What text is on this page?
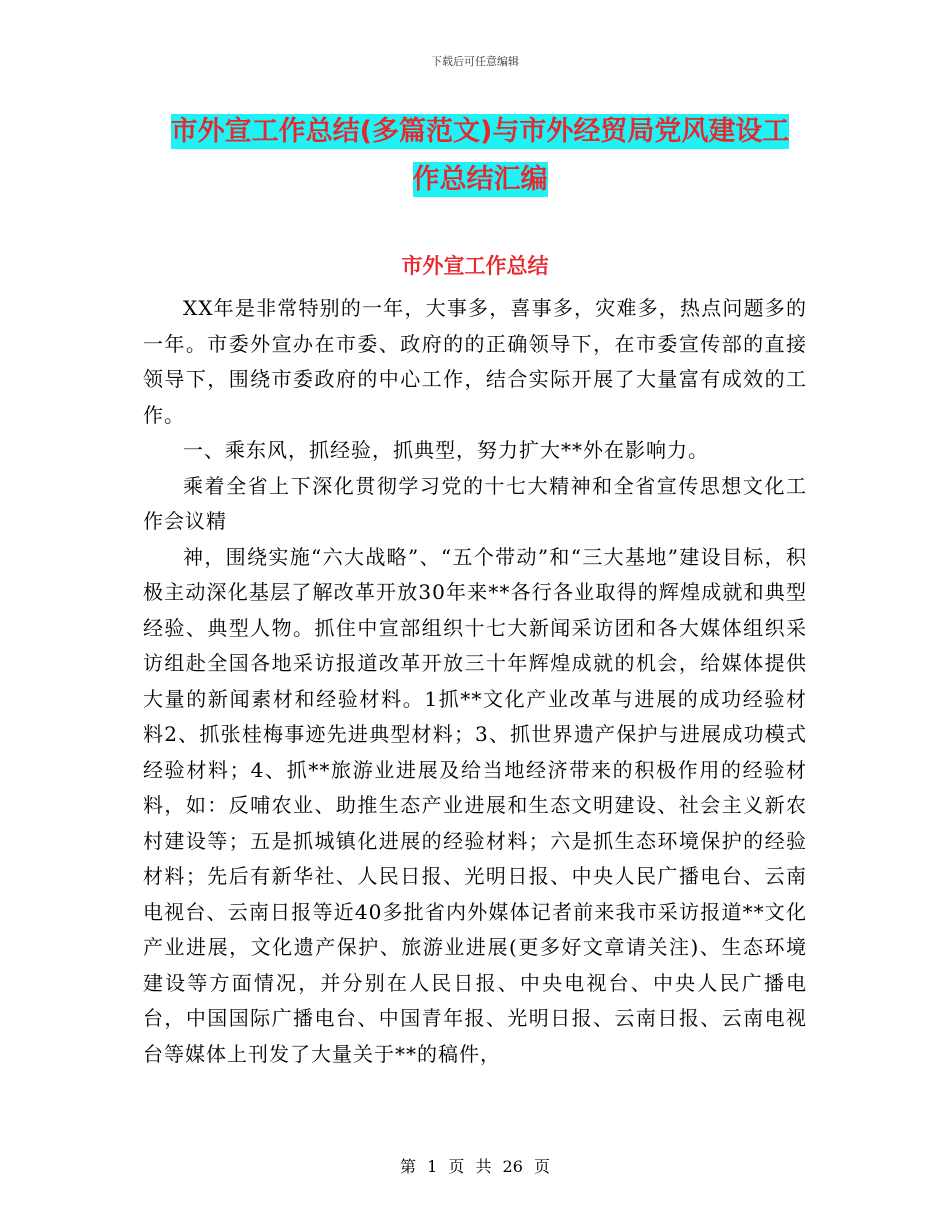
下载后可任意编辑
市外宣工作总结(多篇范文)与市外经贸局党风建设工
作总结汇编
市外宣工作总结

XX年是非常特别的一年，大事多，喜事多，灾难多，热点问题多的一年。市委外宣办在市委、政府的的正确领导下，在市委宣传部的直接领导下，围绕市委政府的中心工作，结合实际开展了大量富有成效的工作。

一、乘东风，抓经验，抓典型，努力扩大**外在影响力。

乘着全省上下深化贯彻学习党的十七大精神和全省宣传思想文化工作会议精

神，围绕实施“六大战略”、“五个带动”和“三大基地”建设目标，积极主动深化基层了解改革开放30年来**各行各业取得的辉煌成就和典型经验、典型人物。抓住中宣部组织十七大新闻采访团和各大媒体组织采访组赴全国各地采访报道改革开放三十年辉煌成就的机会，给媒体提供大量的新闻素材和经验材料。1抓**文化产业改革与进展的成功经验材料2、抓张桂梅事迹先进典型材料；3、抓世界遗产保护与进展成功模式经验材料；4、抓**旅游业进展及给当地经济带来的积极作用的经验材料，如：反哺农业、助推生态产业进展和生态文明建设、社会主义新农村建设等；五是抓城镇化进展的经验材料；六是抓生态环境保护的经验材料；先后有新华社、人民日报、光明日报、中央人民广播电台、云南电视台、云南日报等近40多批省内外媒体记者前来我市采访报道**文化产业进展，文化遗产保护、旅游业进展(更多好文章请关注)、生态环境建设等方面情况，并分别在人民日报、中央电视台、中央人民广播电台，中国国际广播电台、中国青年报、光明日报、云南日报、云南电视台等媒体上刊发了大量关于**的稿件，

第 1 页 共 26 页
